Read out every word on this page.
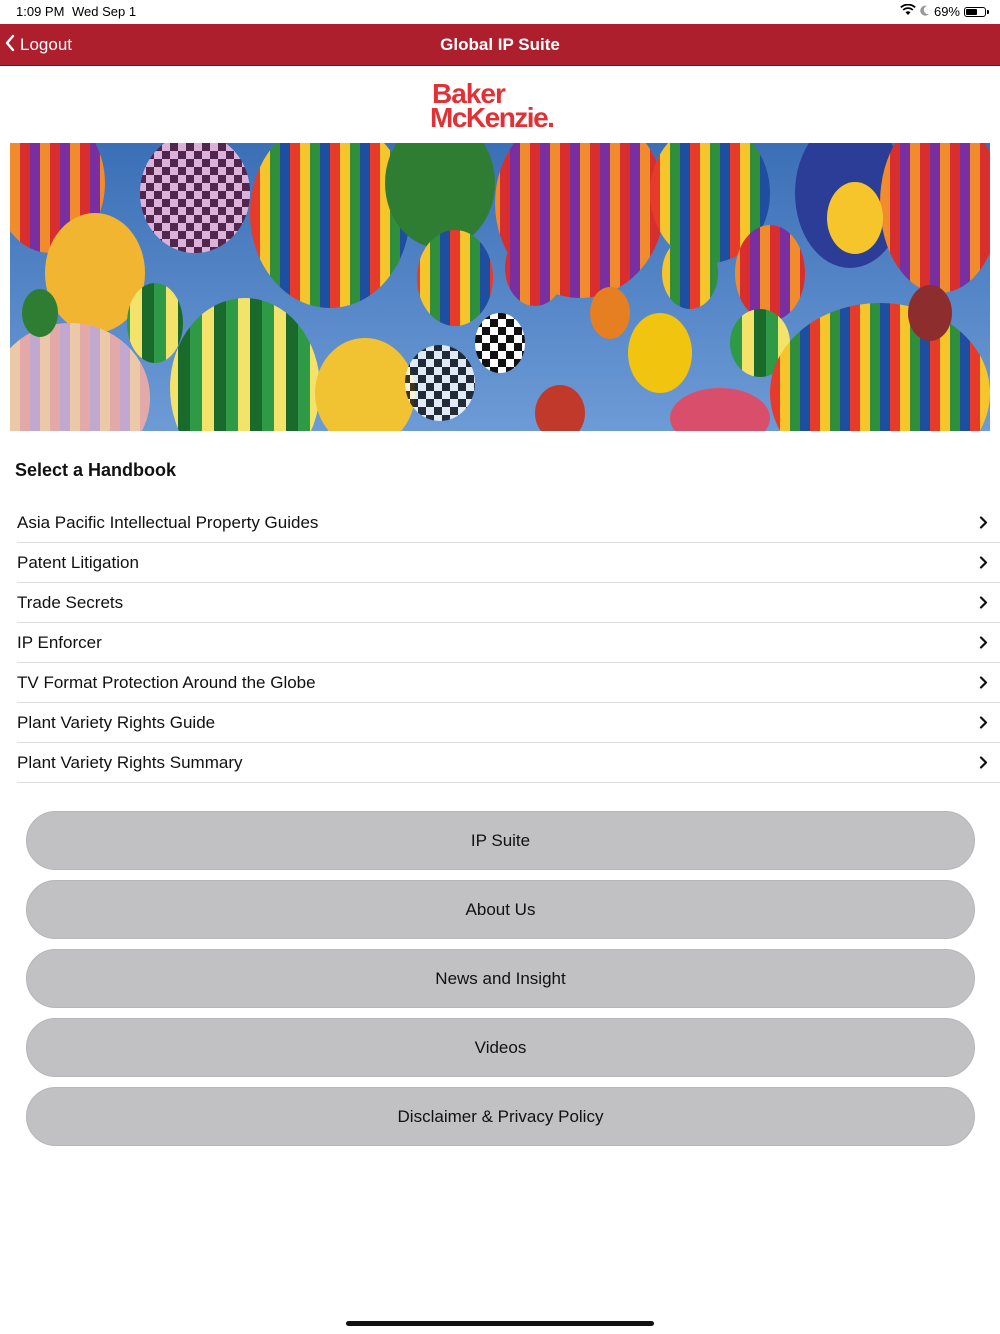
1:09 PM Wed Sep 1	69%
Logout	Global IP Suite
Baker
McKenzie.
Select a Handbook
Asia Pacific Intellectual Property Guides
Patent Litigation
Trade Secrets
IP Enforcer
TV Format Protection Around the Globe
Plant Variety Rights Guide
Plant Variety Rights Summary
IP Suite
About Us
News and Insight
Videos
Disclaimer & Privacy Policy
